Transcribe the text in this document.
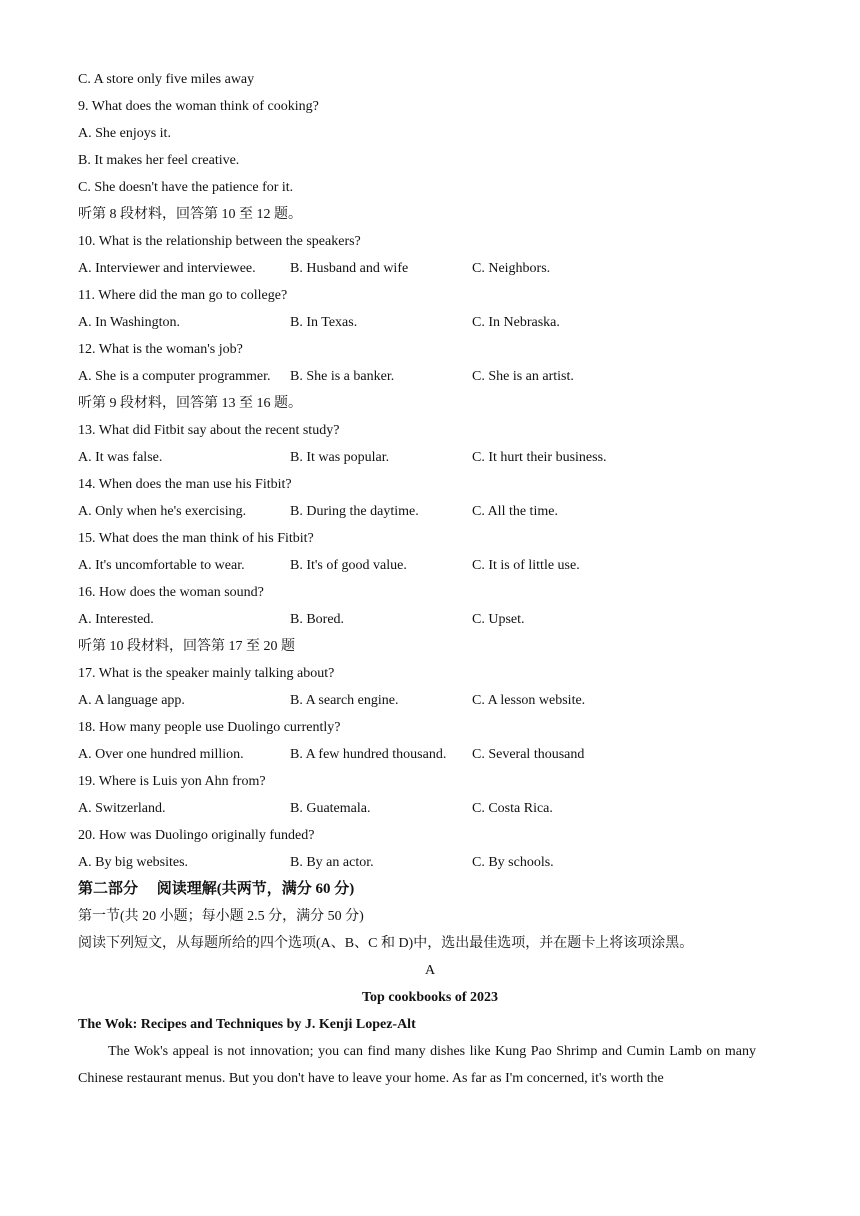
C. A store only five miles away
9. What does the woman think of cooking?
A. She enjoys it.
B. It makes her feel creative.
C. She doesn't have the patience for it.
听第 8 段材料，回答第 10 至 12 题。
10. What is the relationship between the speakers?
A. Interviewer and interviewee. B. Husband and wife	C. Neighbors.
11. Where did the man go to college?
A. In Washington.	B. In Texas.	C. In Nebraska.
12. What is the woman's job?
A. She is a computer programmer. B. She is a banker.	C. She is an artist.
听第 9 段材料，回答第 13 至 16 题。
13. What did Fitbit say about the recent study?
A. It was false.	B. It was popular.	C. It hurt their business.
14. When does the man use his Fitbit?
A. Only when he's exercising.	B. During the daytime.	C. All the time.
15. What does the man think of his Fitbit?
A. It's uncomfortable to wear.	B. It's of good value.	C. It is of little use.
16. How does the woman sound?
A. Interested.	B. Bored.	C. Upset.
听第 10 段材料，回答第 17 至 20 题
17. What is the speaker mainly talking about?
A. A language app.	B. A search engine.	C. A lesson website.
18. How many people use Duolingo currently?
A. Over one hundred million.	B. A few hundred thousand. C. Several thousand
19. Where is Luis yon Ahn from?
A. Switzerland.	B. Guatemala.	C. Costa Rica.
20. How was Duolingo originally funded?
A. By big websites.	B. By an actor.	C. By schools.
第二部分　 阅读理解(共两节，满分 60 分)
第一节(共 20 小题；每小题 2.5 分，满分 50 分)
阅读下列短文，从每题所给的四个选项(A、B、C 和 D)中，选出最佳选项，并在题卡上将该项涂黑。
A
Top cookbooks of 2023
The Wok: Recipes and Techniques by J. Kenji Lopez-Alt
The Wok's appeal is not innovation; you can find many dishes like Kung Pao Shrimp and Cumin Lamb on many Chinese restaurant menus. But you don't have to leave your home. As far as I'm concerned, it's worth the
